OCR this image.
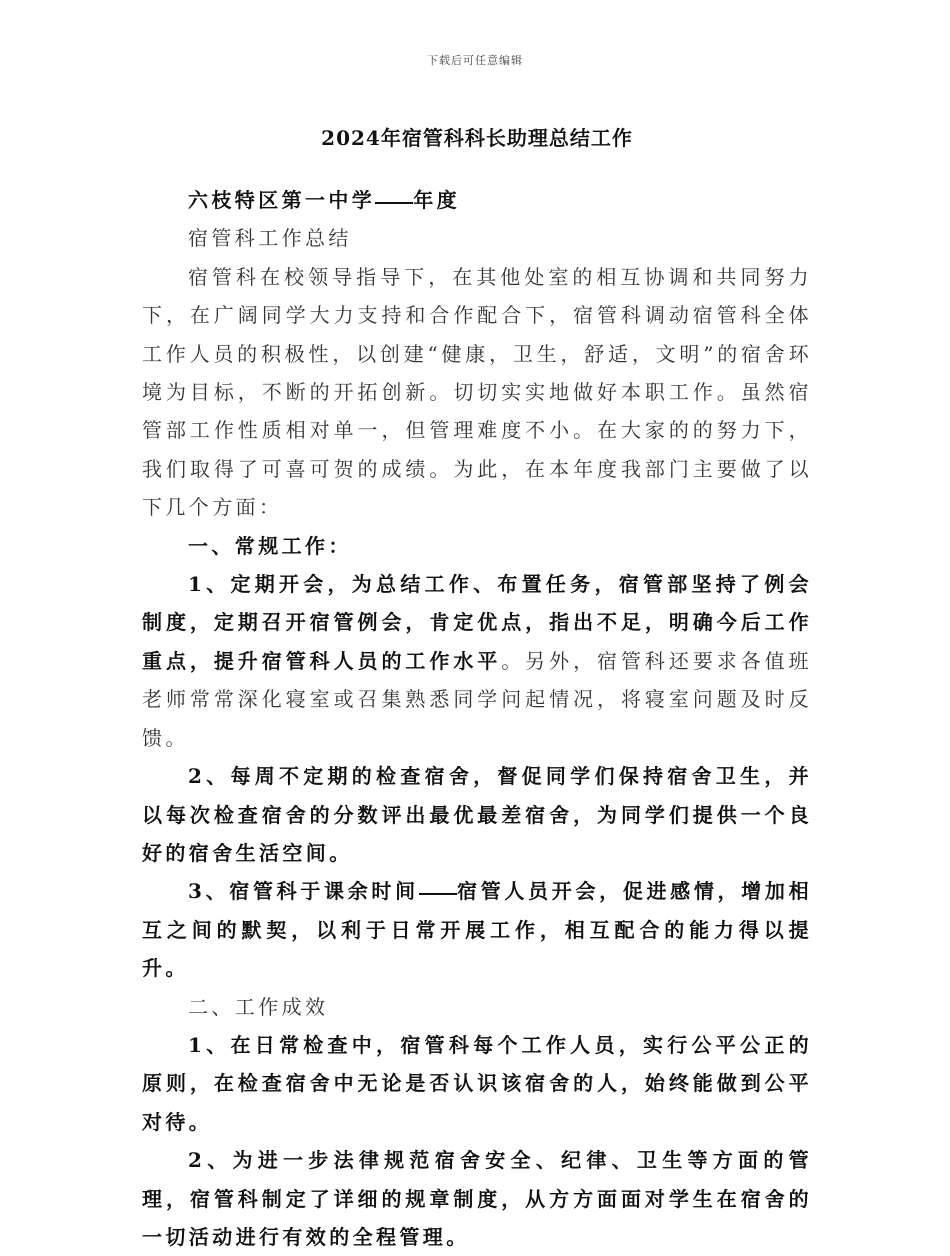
下载后可任意编辑
2024年宿管科科长助理总结工作

六枝特区第一中学 年度

宿管科工作总结

宿管科在校领导指导下，在其他处室的相互协调和共同努力下，在广阔同学大力支持和合作配合下，宿管科调动宿管科全体工作人员的积极性，以创建“健康，卫生，舒适，文明”的宿舍环境为目标，不断的开拓创新。切切实实地做好本职工作。虽然宿管部工作性质相对单一，但管理难度不小。在大家的的努力下，我们取得了可喜可贺的成绩。为此，在本年度我部门主要做了以下几个方面：

一、常规工作：

1、定期开会，为总结工作、布置任务，宿管部坚持了例会制度，定期召开宿管例会，肯定优点，指出不足，明确今后工作重点，提升宿管科人员的工作水平。另外，宿管科还要求各值班老师常常深化寝室或召集熟悉同学问起情况，将寝室问题及时反馈。

2、每周不定期的检查宿舍，督促同学们保持宿舍卫生，并以每次检查宿舍的分数评出最优最差宿舍，为同学们提供一个良好的宿舍生活空间。

3、宿管科于课余时间 宿管人员开会，促进感情，增加相互之间的默契，以利于日常开展工作，相互配合的能力得以提升。

二、工作成效

1、在日常检查中，宿管科每个工作人员，实行公平公正的原则，在检查宿舍中无论是否认识该宿舍的人，始终能做到公平对待。

2、为进一步法律规范宿舍安全、纪律、卫生等方面的管理，宿管科制定了详细的规章制度，从方方面面对学生在宿舍的一切活动进行有效的全程管理。
